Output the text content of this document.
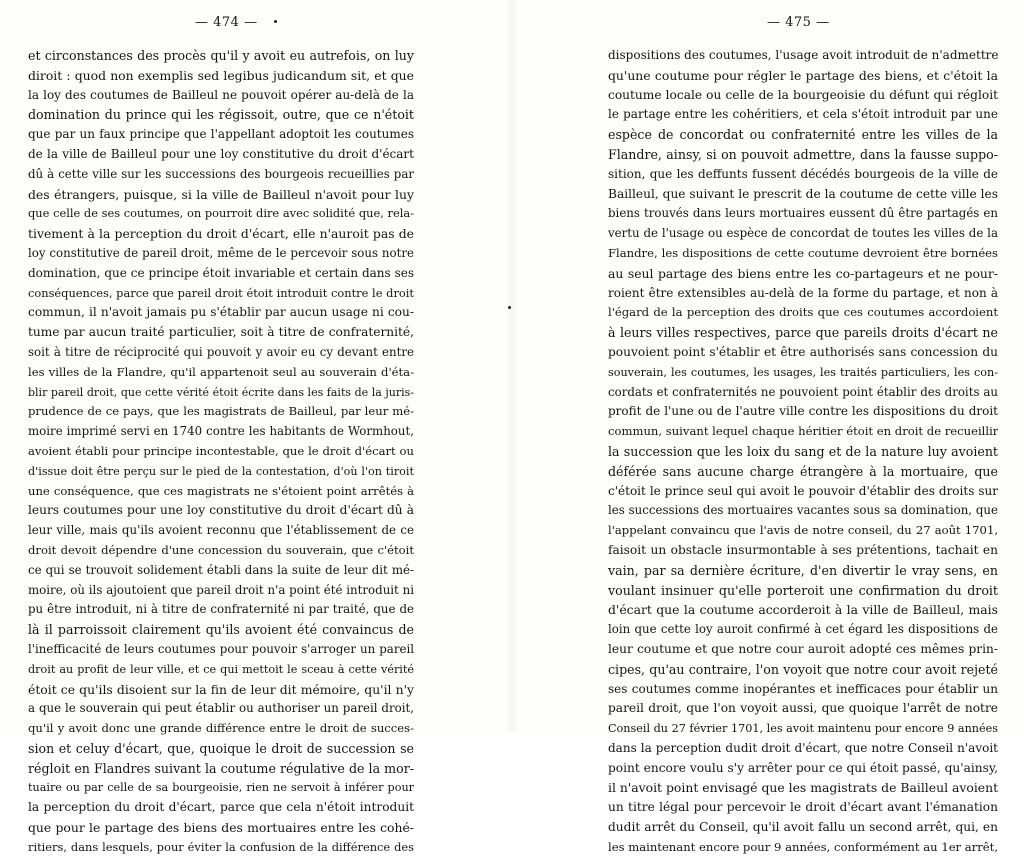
— 474 —
et circonstances des procès qu'il y avoit eu autrefois, on luy
diroit : quod non exemplis sed legibus judicandum sit, et que
la loy des coutumes de Bailleul ne pouvoit opérer au-delà de la
domination du prince qui les régissoit, outre, que ce n'étoit
que par un faux principe que l'appellant adoptoit les coutumes
de la ville de Bailleul pour une loy constitutive du droit d'écart
dû à cette ville sur les successions des bourgeois recueillies par
des étrangers, puisque, si la ville de Bailleul n'avoit pour luy
que celle de ses coutumes, on pourroit dire avec solidité que, rela-
tivement à la perception du droit d'écart, elle n'auroit pas de
loy constitutive de pareil droit, même de le percevoir sous notre
domination, que ce principe étoit invariable et certain dans ses
conséquences, parce que pareil droit étoit introduit contre le droit
commun, il n'avoit jamais pu s'établir par aucun usage ni cou-
tume par aucun traité particulier, soit à titre de confraternité,
soit à titre de réciprocité qui pouvoit y avoir eu cy devant entre
les villes de la Flandre, qu'il appartenoit seul au souverain d'éta-
blir pareil droit, que cette vérité étoit écrite dans les faits de la juris-
prudence de ce pays, que les magistrats de Bailleul, par leur mé-
moire imprimé servi en 1740 contre les habitants de Wormhout,
avoient établi pour principe incontestable, que le droit d'écart ou
d'issue doit être perçu sur le pied de la contestation, d'où l'on tiroit
une conséquence, que ces magistrats ne s'étoient point arrêtés à
leurs coutumes pour une loy constitutive du droit d'écart dû à
leur ville, mais qu'ils avoient reconnu que l'établissement de ce
droit devoit dépendre d'une concession du souverain, que c'étoit
ce qui se trouvoit solidement établi dans la suite de leur dit mé-
moire, où ils ajoutoient que pareil droit n'a point été introduit ni
pu être introduit, ni à titre de confraternité ni par traité, que de
là il parroissoit clairement qu'ils avoient été convaincus de
l'inefficacité de leurs coutumes pour pouvoir s'arroger un pareil
droit au profit de leur ville, et ce qui mettoit le sceau à cette vérité
étoit ce qu'ils disoient sur la fin de leur dit mémoire, qu'il n'y
a que le souverain qui peut établir ou authoriser un pareil droit,
qu'il y avoit donc une grande différence entre le droit de succes-
sion et celuy d'écart, que, quoique le droit de succession se
régloit en Flandres suivant la coutume régulative de la mor-
tuaire ou par celle de sa bourgeoisie, rien ne servoit à inférer pour
la perception du droit d'écart, parce que cela n'étoit introduit
que pour le partage des biens des mortuaires entre les cohé-
ritiers, dans lesquels, pour éviter la confusion de la différence des
— 475 —
dispositions des coutumes, l'usage avoit introduit de n'admettre
qu'une coutume pour régler le partage des biens, et c'étoit la
coutume locale ou celle de la bourgeoisie du défunt qui régloit
le partage entre les cohéritiers, et cela s'étoit introduit par une
espèce de concordat ou confraternité entre les villes de la
Flandre, ainsy, si on pouvoit admettre, dans la fausse suppo-
sition, que les deffunts fussent décédés bourgeois de la ville de
Bailleul, que suivant le prescrit de la coutume de cette ville les
biens trouvés dans leurs mortuaires eussent dû être partagés en
vertu de l'usage ou espèce de concordat de toutes les villes de la
Flandre, les dispositions de cette coutume devroient être bornées
au seul partage des biens entre les co-partageurs et ne pour-
roient être extensibles au-delà de la forme du partage, et non à
l'égard de la perception des droits que ces coutumes accordoient
à leurs villes respectives, parce que pareils droits d'écart ne
pouvoient point s'établir et être authorisés sans concession du
souverain, les coutumes, les usages, les traités particuliers, les con-
cordats et confraternités ne pouvoient point établir des droits au
profit de l'une ou de l'autre ville contre les dispositions du droit
commun, suivant lequel chaque héritier étoit en droit de recueillir
la succession que les loix du sang et de la nature luy avoient
déférée sans aucune charge étrangère à la mortuaire, que
c'étoit le prince seul qui avoit le pouvoir d'établir des droits sur
les successions des mortuaires vacantes sous sa domination, que
l'appelant convaincu que l'avis de notre conseil, du 27 août 1701,
faisoit un obstacle insurmontable à ses prétentions, tachait en
vain, par sa dernière écriture, d'en divertir le vray sens, en
voulant insinuer qu'elle porteroit une confirmation du droit
d'écart que la coutume accorderoit à la ville de Bailleul, mais
loin que cette loy auroit confirmé à cet égard les dispositions de
leur coutume et que notre cour auroit adopté ces mêmes prin-
cipes, qu'au contraire, l'on voyoit que notre cour avoit rejeté
ses coutumes comme inopérantes et inefficaces pour établir un
pareil droit, que l'on voyoit aussi, que quoique l'arrêt de notre
Conseil du 27 février 1701, les avoit maintenu pour encore 9 années
dans la perception dudit droit d'écart, que notre Conseil n'avoit
point encore voulu s'y arrêter pour ce qui étoit passé, qu'ainsy,
il n'avoit point envisagé que les magistrats de Bailleul avoient
un titre légal pour percevoir le droit d'écart avant l'émanation
dudit arrêt du Conseil, qu'il avoit fallu un second arrêt, qui, en
les maintenant encore pour 9 années, conformément au 1er arrêt,
